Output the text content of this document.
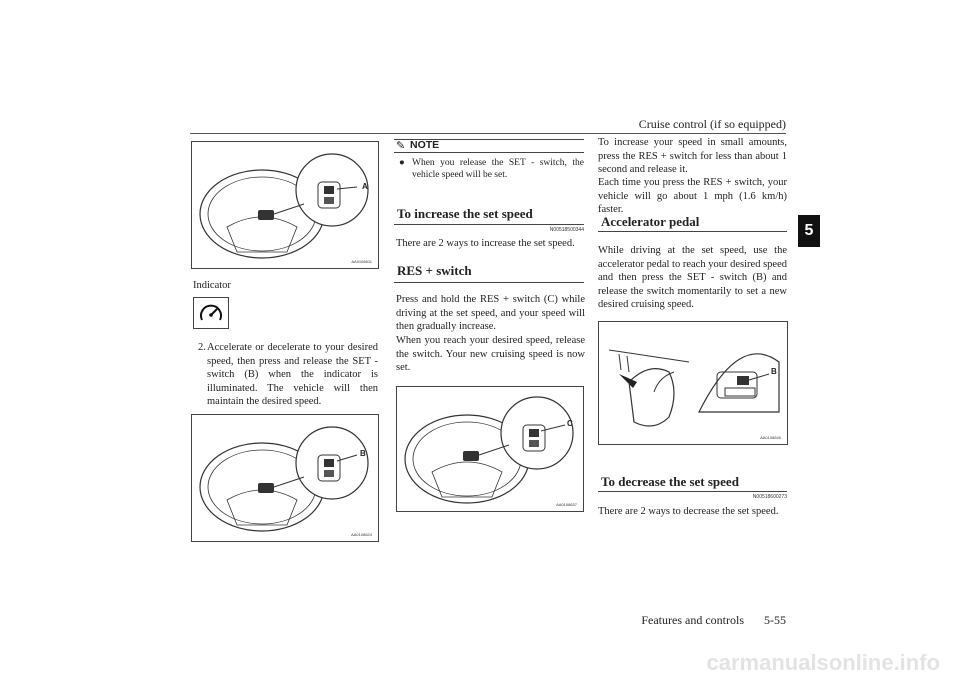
Cruise control (if so equipped)
5
A
AA0108611
Indicator
2. Accelerate or decelerate to your desired speed, then press and release the SET - switch (B) when the indicator is illuminated. The vehicle will then maintain the desired speed.
B
AA0108624
✎ NOTE
● When you release the SET - switch, the vehicle speed will be set.
To increase the set speed
N00518500344
There are 2 ways to increase the set speed.
RES + switch
Press and hold the RES + switch (C) while driving at the set speed, and your speed will then gradually increase.
When you reach your desired speed, release the switch. Your new cruising speed is now set.
C
AA0108637
To increase your speed in small amounts, press the RES + switch for less than about 1 second and release it.
Each time you press the RES + switch, your vehicle will go about 1 mph (1.6 km/h) faster.
Accelerator pedal
While driving at the set speed, use the accelerator pedal to reach your desired speed and then press the SET - switch (B) and release the switch momentarily to set a new desired cruising speed.
B
AA0108640
To decrease the set speed
N00518600273
There are 2 ways to decrease the set speed.
Features and controls 5-55
carmanualsonline.info
